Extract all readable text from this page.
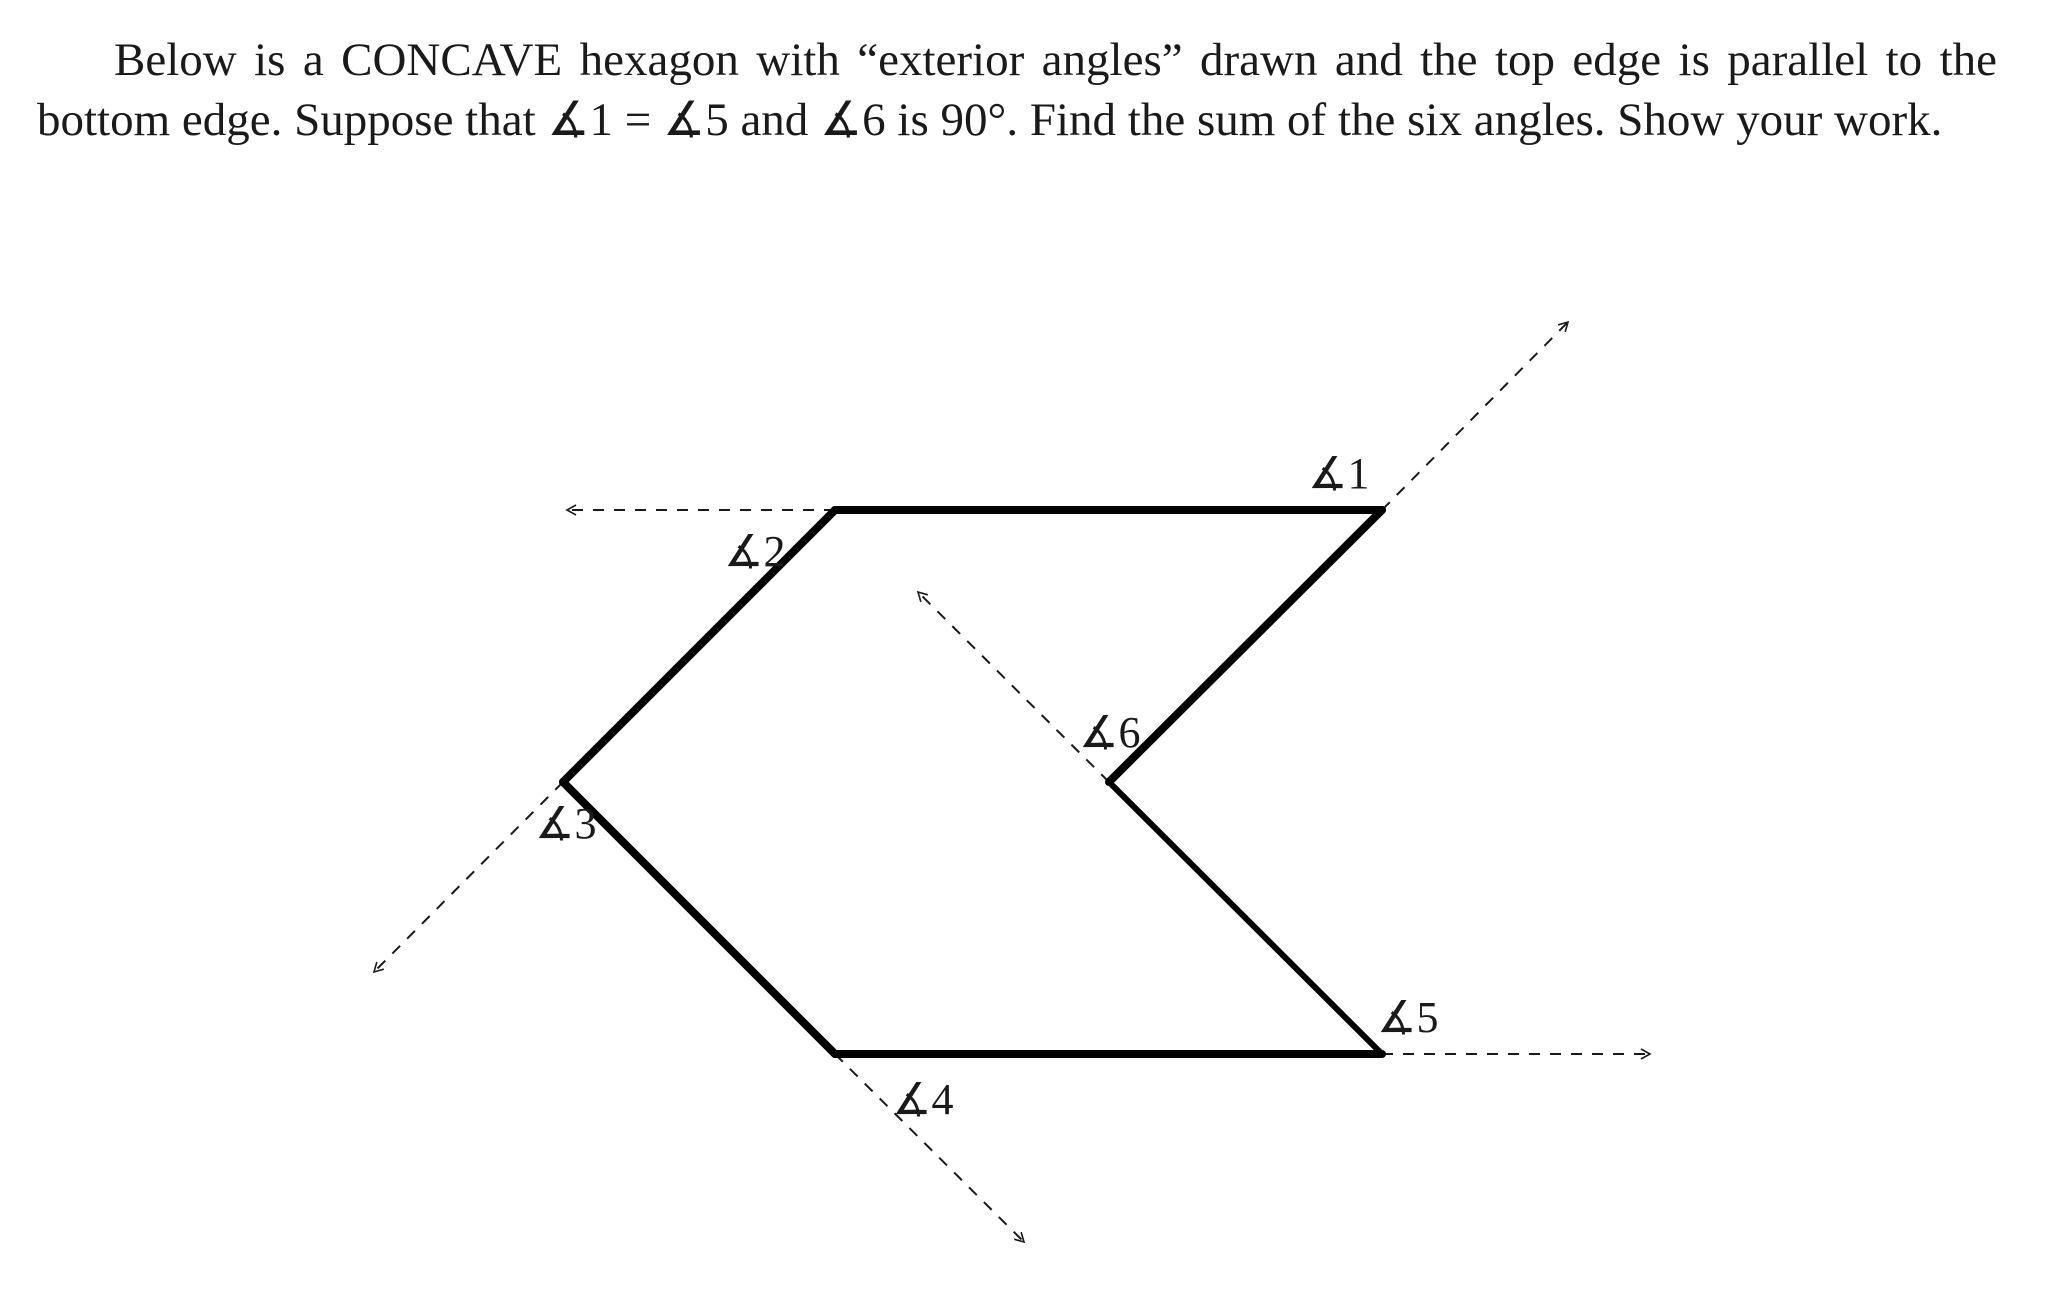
Below is a CONCAVE hexagon with “exterior angles” drawn and the top edge is parallel to the bottom edge. Suppose that ∡1 = ∡5 and ∡6 is 90°. Find the sum of the six angles. Show your work.

∡1
∡2
∡3
∡4
∡5
∡6
